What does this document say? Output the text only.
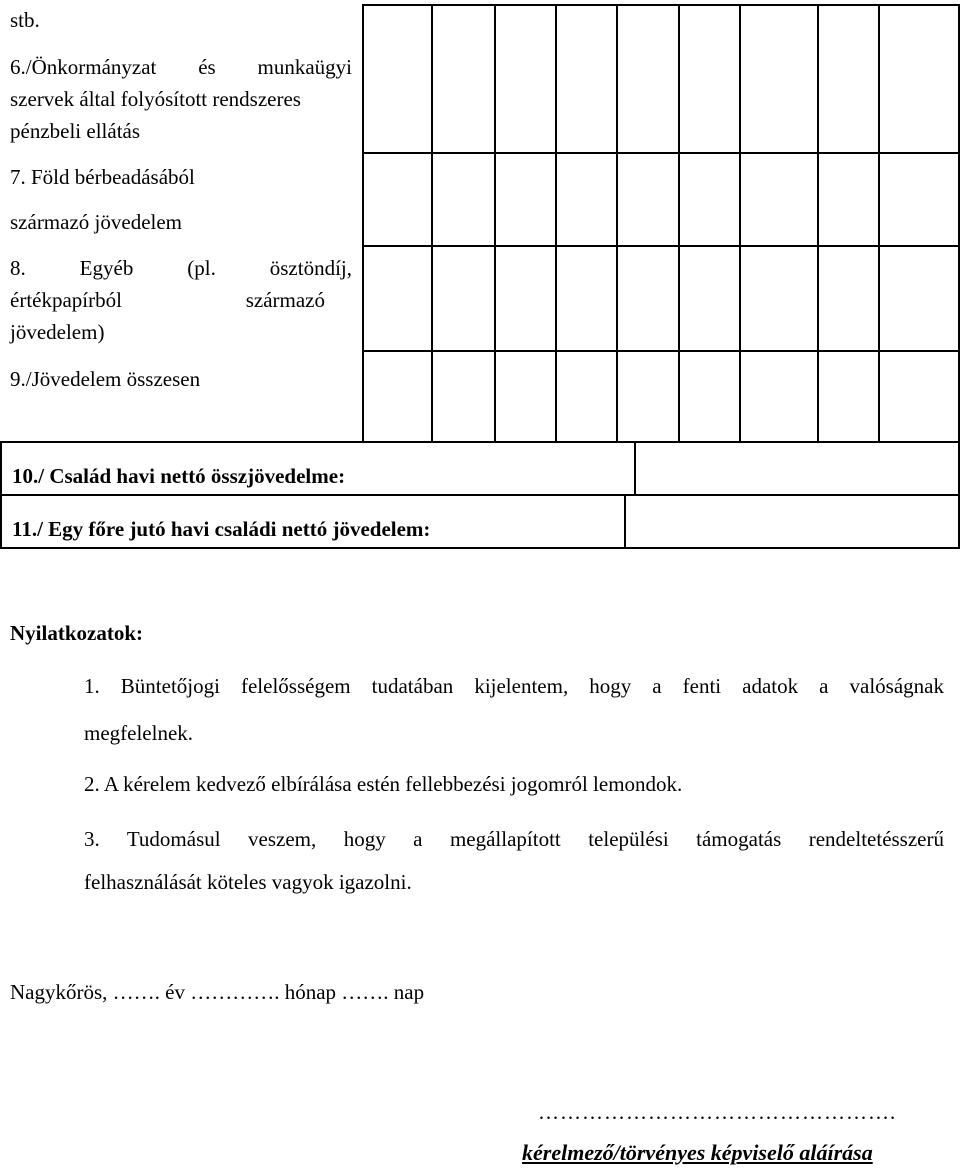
stb.
6./Önkormányzat és munkaügyi
szervek által folyósított rendszeres
pénzbeli ellátás
7. Föld bérbeadásából
származó jövedelem
8. Egyéb (pl. ösztöndíj,
értékpapírból származó
jövedelem)
9./Jövedelem összesen
10./ Család havi nettó összjövedelme:
11./ Egy főre jutó havi családi nettó jövedelem:
Nyilatkozatok:
1. Büntetőjogi felelősségem tudatában kijelentem, hogy a fenti adatok a valóságnak
megfelelnek.
2. A kérelem kedvező elbírálása estén fellebbezési jogomról lemondok.
3. Tudomásul veszem, hogy a megállapított települési támogatás rendeltetésszerű
felhasználását köteles vagyok igazolni.
Nagykőrös, ……. év …………. hónap ……. nap
………………………………………….
kérelmező/törvényes képviselő aláírása
